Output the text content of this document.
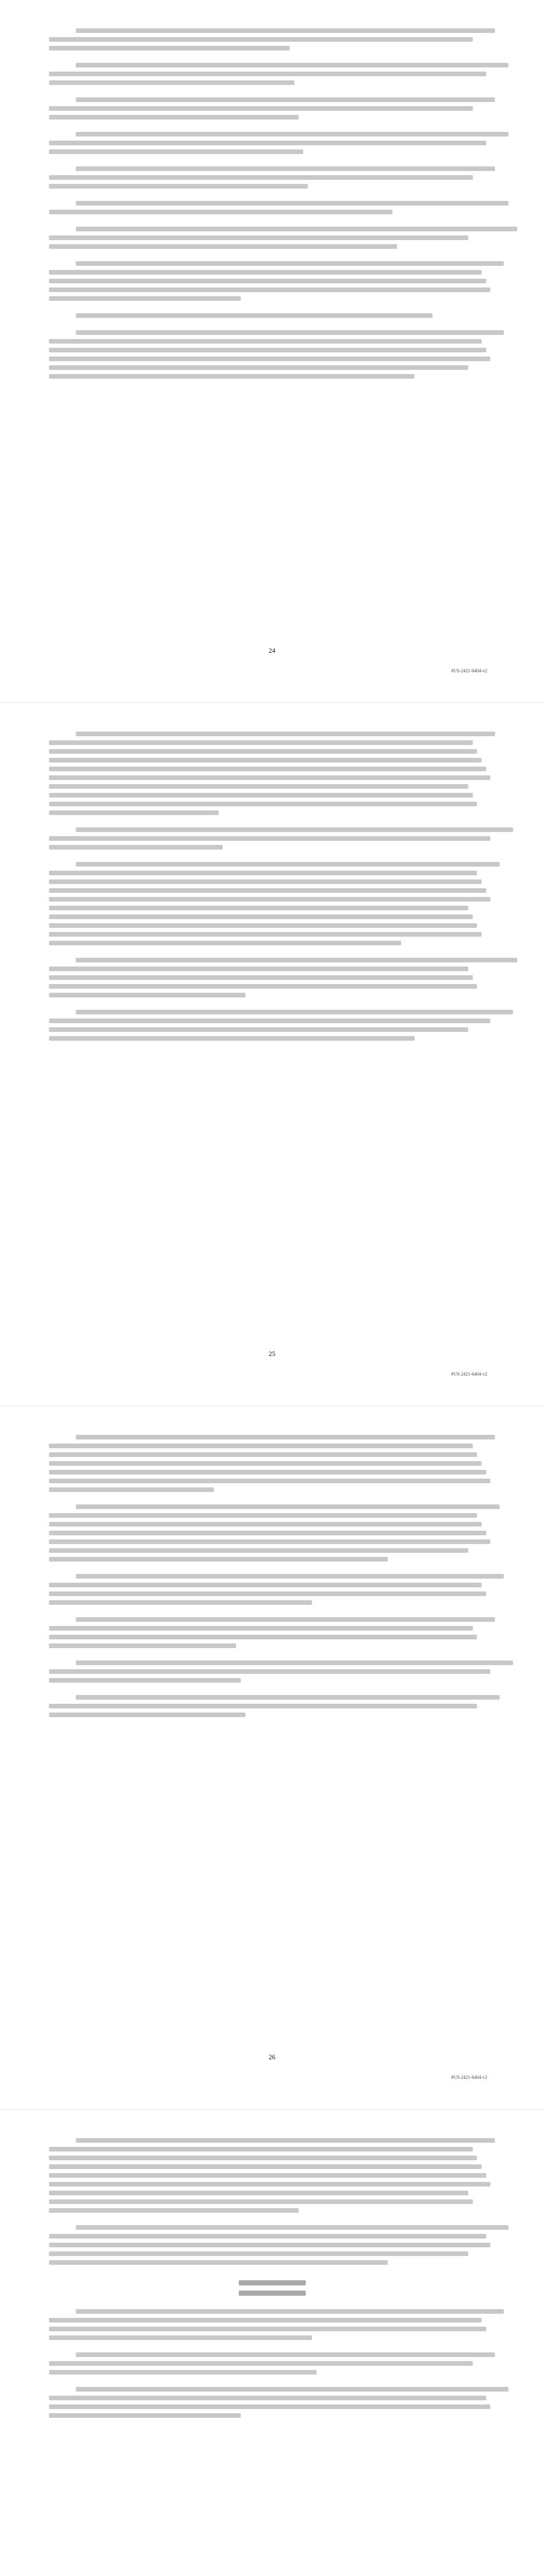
24
#US-2421-6404-v2
25
#US-2421-6404-v2
26
#US-2421-6404-v2
